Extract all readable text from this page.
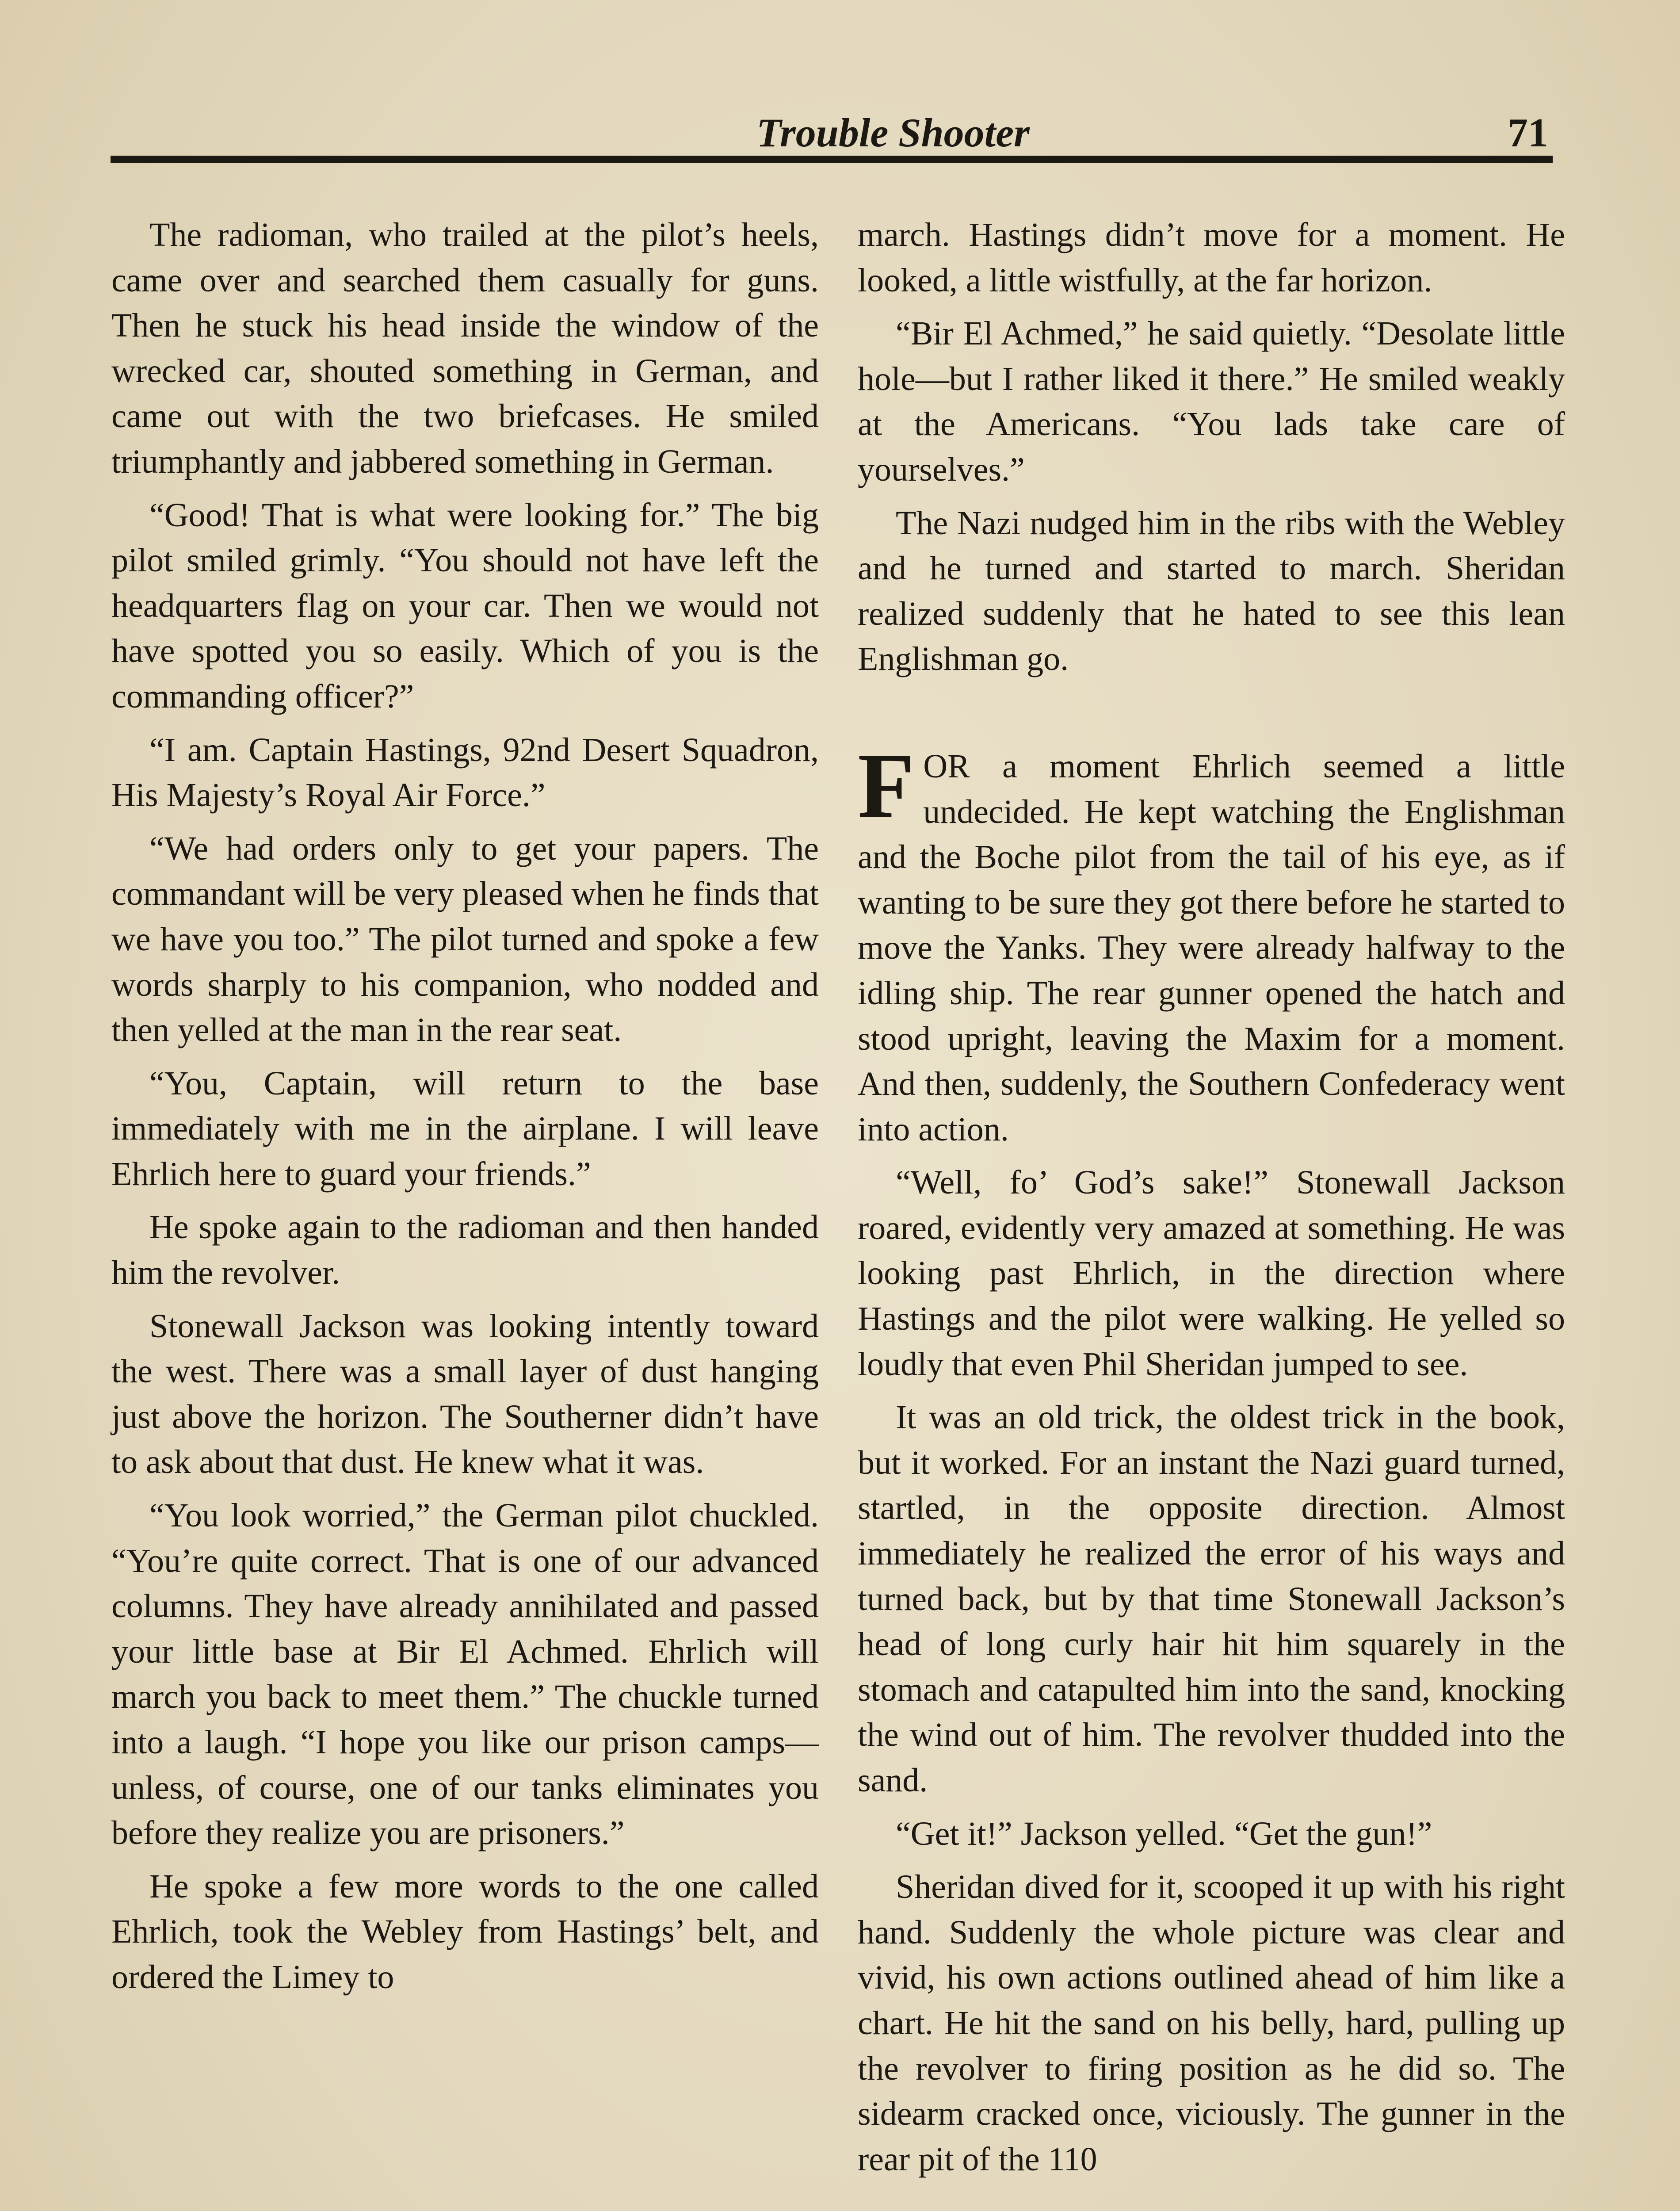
Trouble Shooter	71

The radioman, who trailed at the pilot’s heels, came over and searched them casually for guns. Then he stuck his head inside the window of the wrecked car, shouted something in German, and came out with the two briefcases. He smiled triumphantly and jabbered something in German.

“Good! That is what were looking for.” The big pilot smiled grimly. “You should not have left the headquarters flag on your car. Then we would not have spotted you so easily. Which of you is the commanding officer?”

“I am. Captain Hastings, 92nd Desert Squadron, His Majesty’s Royal Air Force.”

“We had orders only to get your papers. The commandant will be very pleased when he finds that we have you too.” The pilot turned and spoke a few words sharply to his companion, who nodded and then yelled at the man in the rear seat.

“You, Captain, will return to the base immediately with me in the airplane. I will leave Ehrlich here to guard your friends.”

He spoke again to the radioman and then handed him the revolver.

Stonewall Jackson was looking intently toward the west. There was a small layer of dust hanging just above the horizon. The Southerner didn’t have to ask about that dust. He knew what it was.

“You look worried,” the German pilot chuckled. “You’re quite correct. That is one of our advanced columns. They have already annihilated and passed your little base at Bir El Achmed. Ehrlich will march you back to meet them.” The chuckle turned into a laugh. “I hope you like our prison camps—unless, of course, one of our tanks eliminates you before they realize you are prisoners.”

He spoke a few more words to the one called Ehrlich, took the Webley from Hastings’ belt, and ordered the Limey to

march. Hastings didn’t move for a moment. He looked, a little wistfully, at the far horizon.

“Bir El Achmed,” he said quietly. “Desolate little hole—but I rather liked it there.” He smiled weakly at the Americans. “You lads take care of yourselves.”

The Nazi nudged him in the ribs with the Webley and he turned and started to march. Sheridan realized suddenly that he hated to see this lean Englishman go.

FOR a moment Ehrlich seemed a little undecided. He kept watching the Englishman and the Boche pilot from the tail of his eye, as if wanting to be sure they got there before he started to move the Yanks. They were already halfway to the idling ship. The rear gunner opened the hatch and stood upright, leaving the Maxim for a moment. And then, suddenly, the Southern Confederacy went into action.

“Well, fo’ God’s sake!” Stonewall Jackson roared, evidently very amazed at something. He was looking past Ehrlich, in the direction where Hastings and the pilot were walking. He yelled so loudly that even Phil Sheridan jumped to see.

It was an old trick, the oldest trick in the book, but it worked. For an instant the Nazi guard turned, startled, in the opposite direction. Almost immediately he realized the error of his ways and turned back, but by that time Stonewall Jackson’s head of long curly hair hit him squarely in the stomach and catapulted him into the sand, knocking the wind out of him. The revolver thudded into the sand.

“Get it!” Jackson yelled. “Get the gun!”

Sheridan dived for it, scooped it up with his right hand. Suddenly the whole picture was clear and vivid, his own actions outlined ahead of him like a chart. He hit the sand on his belly, hard, pulling up the revolver to firing position as he did so. The sidearm cracked once, viciously. The gunner in the rear pit of the 110
